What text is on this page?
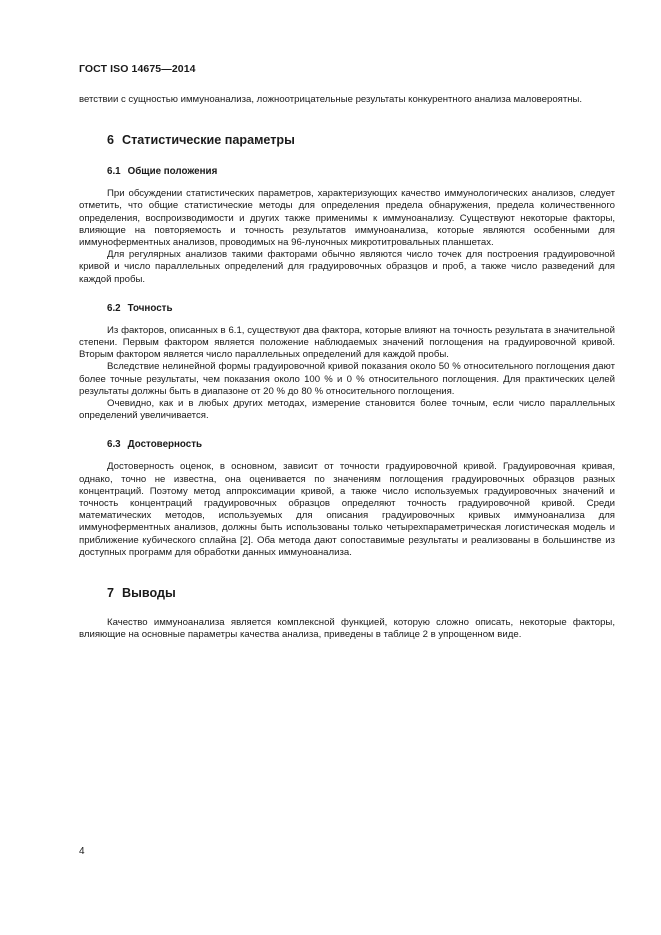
ГОСТ ISO 14675—2014

ветствии с сущностью иммуноанализа, ложноотрицательные результаты конкурентного анализа маловероятны.

6 Статистические параметры
6.1 Общие положения

При обсуждении статистических параметров, характеризующих качество иммунологических анализов, следует отметить, что общие статистические методы для определения предела обнаружения, предела количественного определения, воспроизводимости и других также применимы к иммуноанализу. Существуют некоторые факторы, влияющие на повторяемость и точность результатов иммуноанализа, которые являются особенными для иммуноферментных анализов, проводимых на 96-луночных микротитровальных планшетах.

Для регулярных анализов такими факторами обычно являются число точек для построения градуировочной кривой и число параллельных определений для градуировочных образцов и проб, а также число разведений для каждой пробы.

6.2 Точность

Из факторов, описанных в 6.1, существуют два фактора, которые влияют на точность результата в значительной степени. Первым фактором является положение наблюдаемых значений поглощения на градуировочной кривой. Вторым фактором является число параллельных определений для каждой пробы.

Вследствие нелинейной формы градуировочной кривой показания около 50 % относительного поглощения дают более точные результаты, чем показания около 100 % и 0 % относительного поглощения. Для практических целей результаты должны быть в диапазоне от 20 % до 80 % относительного поглощения.

Очевидно, как и в любых других методах, измерение становится более точным, если число параллельных определений увеличивается.

6.3 Достоверность

Достоверность оценок, в основном, зависит от точности градуировочной кривой. Градуировочная кривая, однако, точно не известна, она оценивается по значениям поглощения градуировочных образцов разных концентраций. Поэтому метод аппроксимации кривой, а также число используемых градуировочных значений и точность концентраций градуировочных образцов определяют точность градуировочной кривой. Среди математических методов, используемых для описания градуировочных кривых иммуноанализа для иммуноферментных анализов, должны быть использованы только четырехпараметрическая логистическая модель и приближение кубического сплайна [2]. Оба метода дают сопоставимые результаты и реализованы в большинстве из доступных программ для обработки данных иммуноанализа.

7 Выводы

Качество иммуноанализа является комплексной функцией, которую сложно описать, некоторые факторы, влияющие на основные параметры качества анализа, приведены в таблице 2 в упрощенном виде.

4
